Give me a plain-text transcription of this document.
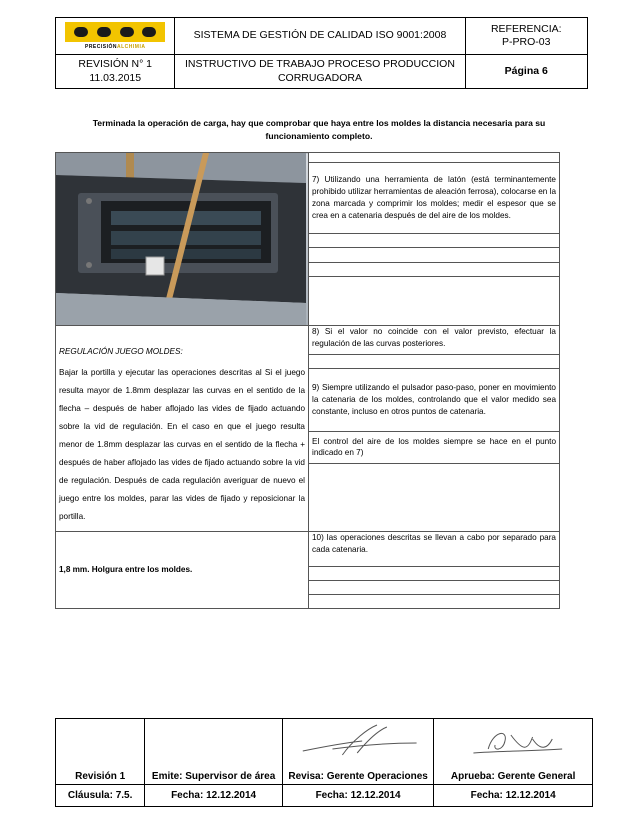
PRECISIÓNALCHIMIA	SISTEMA DE GESTIÓN DE CALIDAD ISO 9001:2008	REFERENCIA:
P-PRO-03

REVISIÓN N° 1
11.03.2015	INSTRUCTIVO DE TRABAJO PROCESO PRODUCCION CORRUGADORA	Página 6
Terminada la operación de carga, hay que comprobar que haya entre los moldes la distancia necesaria para su funcionamiento completo.

	7) Utilizando una herramienta de latón (está terminantemente prohibido utilizar herramientas de aleación ferrosa), colocarse en la zona marcada y comprimir los moldes; medir el espesor que se crea en a catenaria después de del aire de los moldes.

REGULACIÓN JUEGO MOLDES:
Bajar la portilla y ejecutar las operaciones descritas al Si el juego resulta mayor de 1.8mm desplazar las curvas en el sentido de la flecha – después de haber aflojado las vides de fijado actuando sobre la vid de regulación. En el caso en que el juego resulta menor de 1.8mm desplazar las curvas en el sentido de la flecha + después de haber aflojado las vides de fijado actuando sobre la vid de regulación. Después de cada regulación averiguar de nuevo el juego entre los moldes, parar las vides de fijado y reposicionar la portilla.	8) Si el valor no coincide con el valor previsto, efectuar la regulación de las curvas posteriores.

	9) Siempre utilizando el pulsador paso-paso, poner en movimiento la catenaria de los moldes, controlando que el valor medido sea constante, incluso en otros puntos de catenaria.
	El control del aire de los moldes siempre se hace en el punto indicado en 7)

1,8 mm. Holgura entre los moldes.	10) las operaciones descritas se llevan a cabo por separado para cada catenaria.

Revisión 1	Emite: Supervisor de área	Revisa: Gerente Operaciones	Aprueba: Gerente General
Cláusula: 7.5.	Fecha: 12.12.2014	Fecha: 12.12.2014	Fecha: 12.12.2014
